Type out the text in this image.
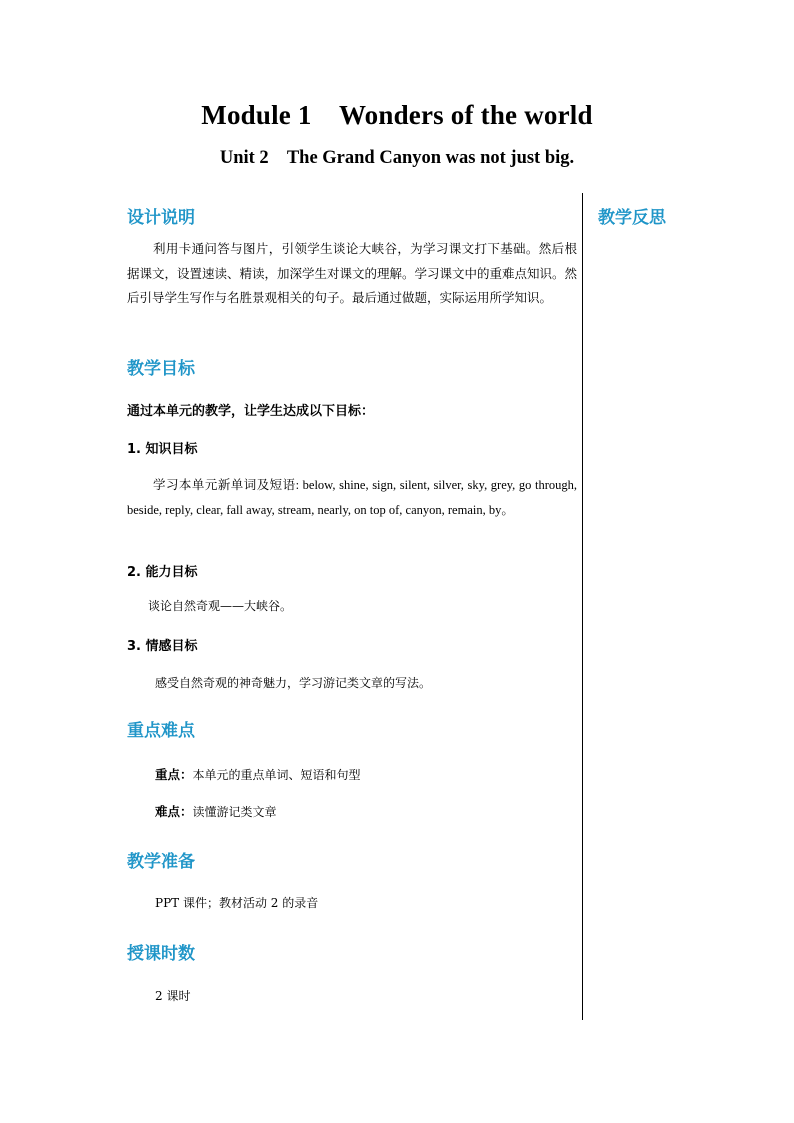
Module 1    Wonders of the world
Unit 2    The Grand Canyon was not just big.
教学反思
设计说明
利用卡通问答与图片，引领学生谈论大峡谷，为学习课文打下基础。然后根据课文，设置速读、精读，加深学生对课文的理解。学习课文中的重难点知识。然后引导学生写作与名胜景观相关的句子。最后通过做题，实际运用所学知识。
教学目标
通过本单元的教学，让学生达成以下目标：
1. 知识目标
学习本单元新单词及短语: below, shine, sign, silent, silver, sky, grey, go through, beside, reply, clear, fall away, stream, nearly, on top of, canyon, remain, by。
2. 能力目标
谈论自然奇观——大峡谷。
3. 情感目标
感受自然奇观的神奇魅力，学习游记类文章的写法。
重点难点
重点：本单元的重点单词、短语和句型
难点：读懂游记类文章
教学准备
PPT 课件；教材活动 2 的录音
授课时数
2 课时
